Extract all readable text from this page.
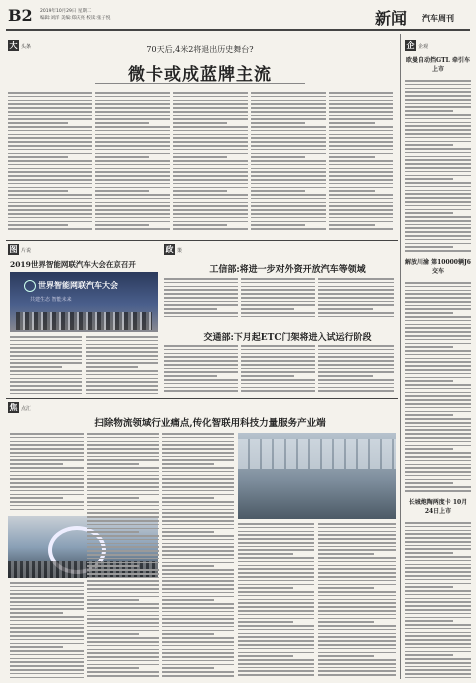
B2 2019年10月29日 星期二
编辑:刘洋 美编:郑庆亮 校读:张子悦	新闻 汽车周刊
大 头条	70天后,4米2将退出历史舞台?
微卡或成蓝牌主流
图 片说
2019世界智能网联汽车大会在京召开
世界智能网联汽车大会
共建生态 智能未来
政 策
工信部:将进一步对外资开放汽车等领域
交通部:下月起ETC门架将进入试运行阶段
焦 点汇
扫除物流领域行业痛点,传化智联用科技力量服务产业端
企 企观
欧曼自动挡GTL 牵引车上市
解放川渝 第10000辆J6交车
长城炮陶两度卡 10月24日上市
